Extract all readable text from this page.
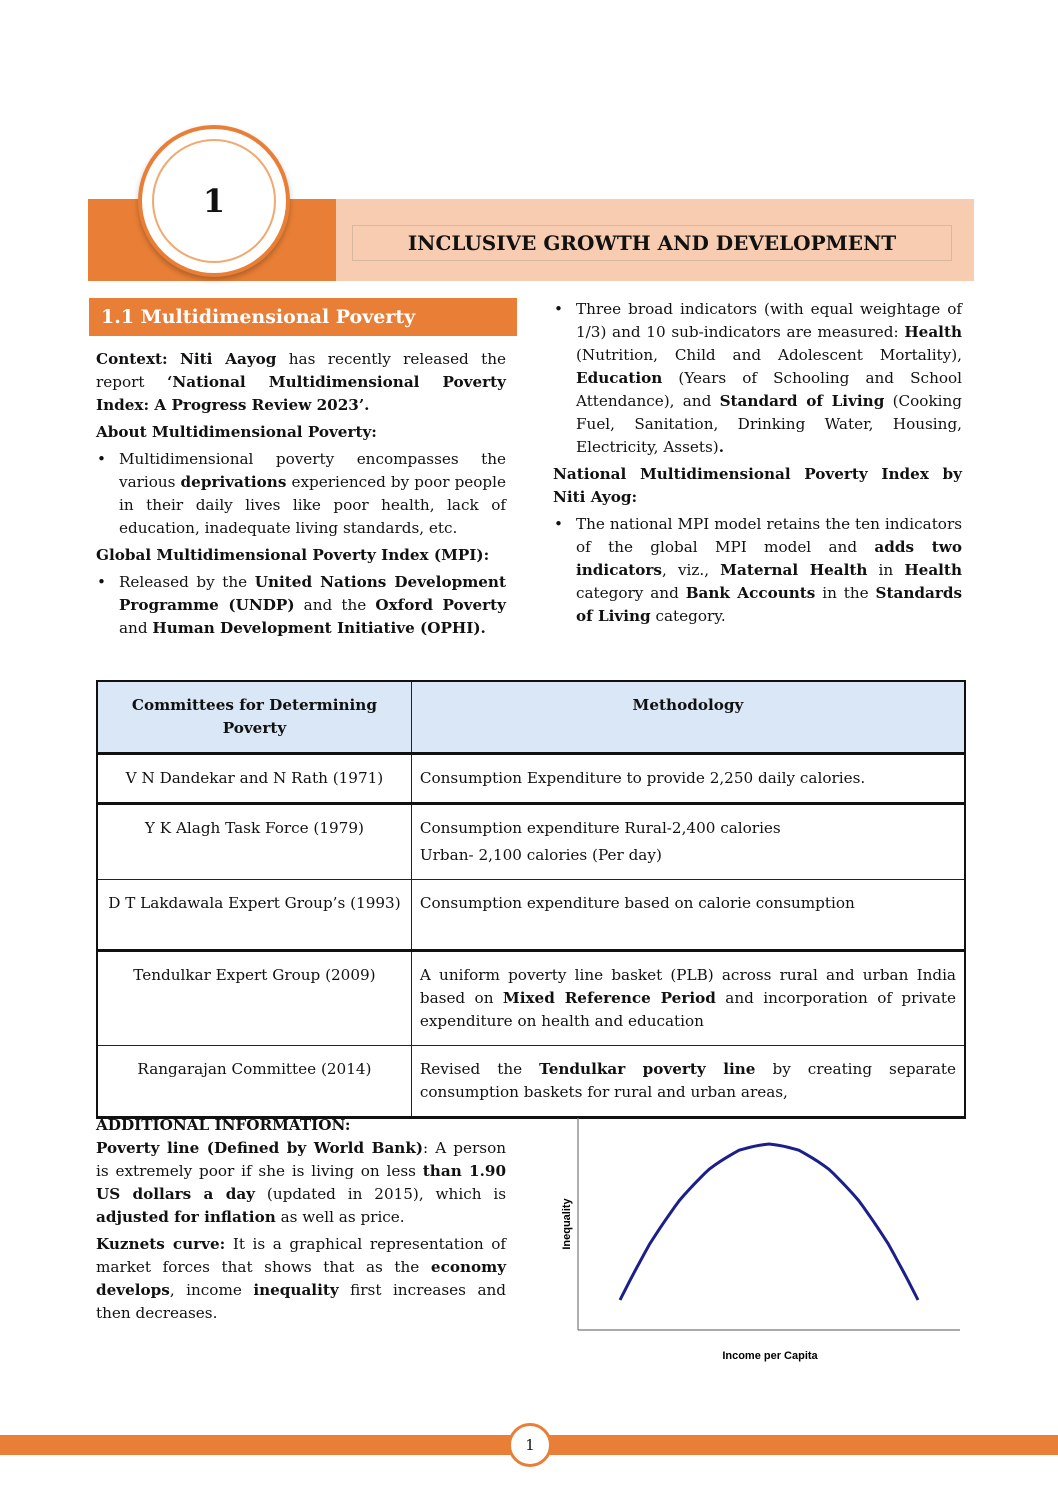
INCLUSIVE GROWTH AND DEVELOPMENT
1
1.1 Multidimensional Poverty

Context: Niti Aayog has recently released the report ‘National Multidimensional Poverty Index: A Progress Review 2023’.

About Multidimensional Poverty:

• Multidimensional poverty encompasses the various deprivations experienced by poor people in their daily lives like poor health, lack of education, inadequate living standards, etc.

Global Multidimensional Poverty Index (MPI):

• Released by the United Nations Development Programme (UNDP) and the Oxford Poverty and Human Development Initiative (OPHI).
• Three broad indicators (with equal weightage of 1/3) and 10 sub-indicators are measured: Health (Nutrition, Child and Adolescent Mortality), Education (Years of Schooling and School Attendance), and Standard of Living (Cooking Fuel, Sanitation, Drinking Water, Housing, Electricity, Assets).

National Multidimensional Poverty Index by Niti Ayog:

• The national MPI model retains the ten indicators of the global MPI model and adds two indicators, viz., Maternal Health in Health category and Bank Accounts in the Standards of Living category.
Committees for Determining Poverty	Methodology
V N Dandekar and N Rath (1971)	Consumption Expenditure to provide 2,250 daily calories.
Y K Alagh Task Force (1979)	Consumption expenditure Rural-2,400 calories
Urban- 2,100 calories (Per day)

D T Lakdawala Expert Group’s (1993)	Consumption expenditure based on calorie consumption
Tendulkar Expert Group (2009)	A uniform poverty line basket (PLB) across rural and urban India based on Mixed Reference Period and incorporation of private expenditure on health and education
Rangarajan Committee (2014)	Revised the Tendulkar poverty line by creating separate consumption baskets for rural and urban areas,

ADDITIONAL INFORMATION:

Poverty line (Defined by World Bank): A person is extremely poor if she is living on less than 1.90 US dollars a day (updated in 2015), which is adjusted for inflation as well as price.

Kuznets curve: It is a graphical representation of market forces that shows that as the economy develops, income inequality first increases and then decreases.

Inequality
Income per Capita
1
